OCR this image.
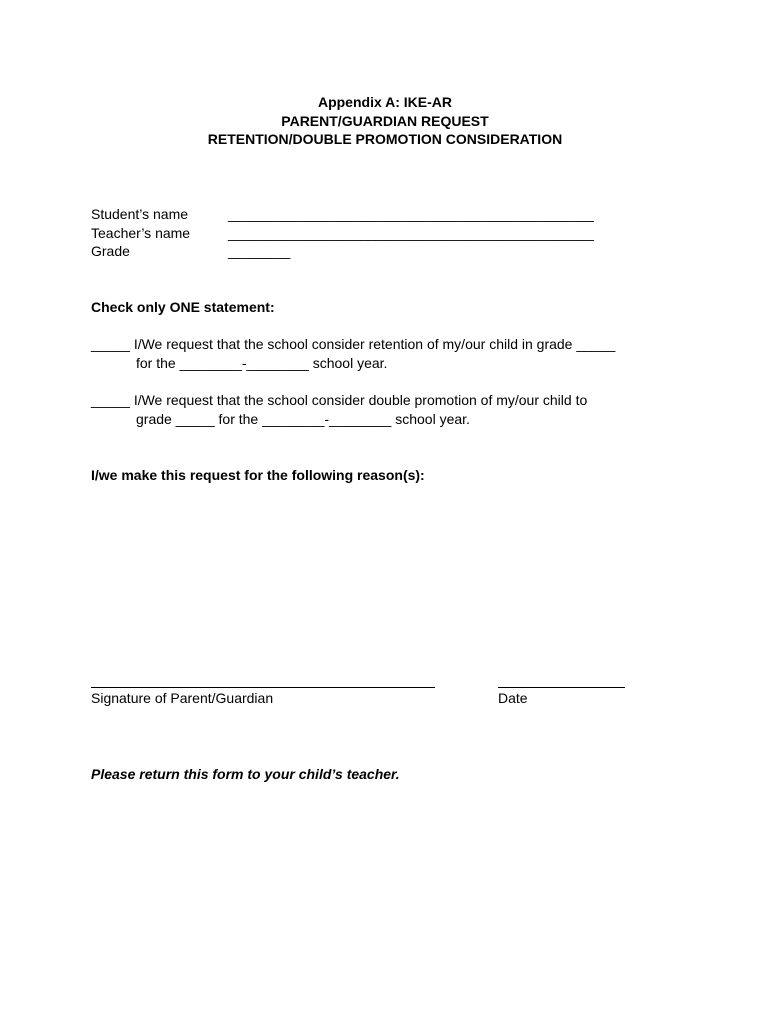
Appendix A: IKE-AR
PARENT/GUARDIAN REQUEST
RETENTION/DOUBLE PROMOTION CONSIDERATION
Student’s name	_______________________________________________
Teacher’s name	_______________________________________________
Grade	________
Check only ONE statement:
_____ I/We request that the school consider retention of my/our child in grade _____
for the ________-________ school year.
_____ I/We request that the school consider double promotion of my/our child to
grade _____ for the ________-________ school year.
I/we make this request for the following reason(s):
Signature of Parent/Guardian	Date
Please return this form to your child’s teacher.
